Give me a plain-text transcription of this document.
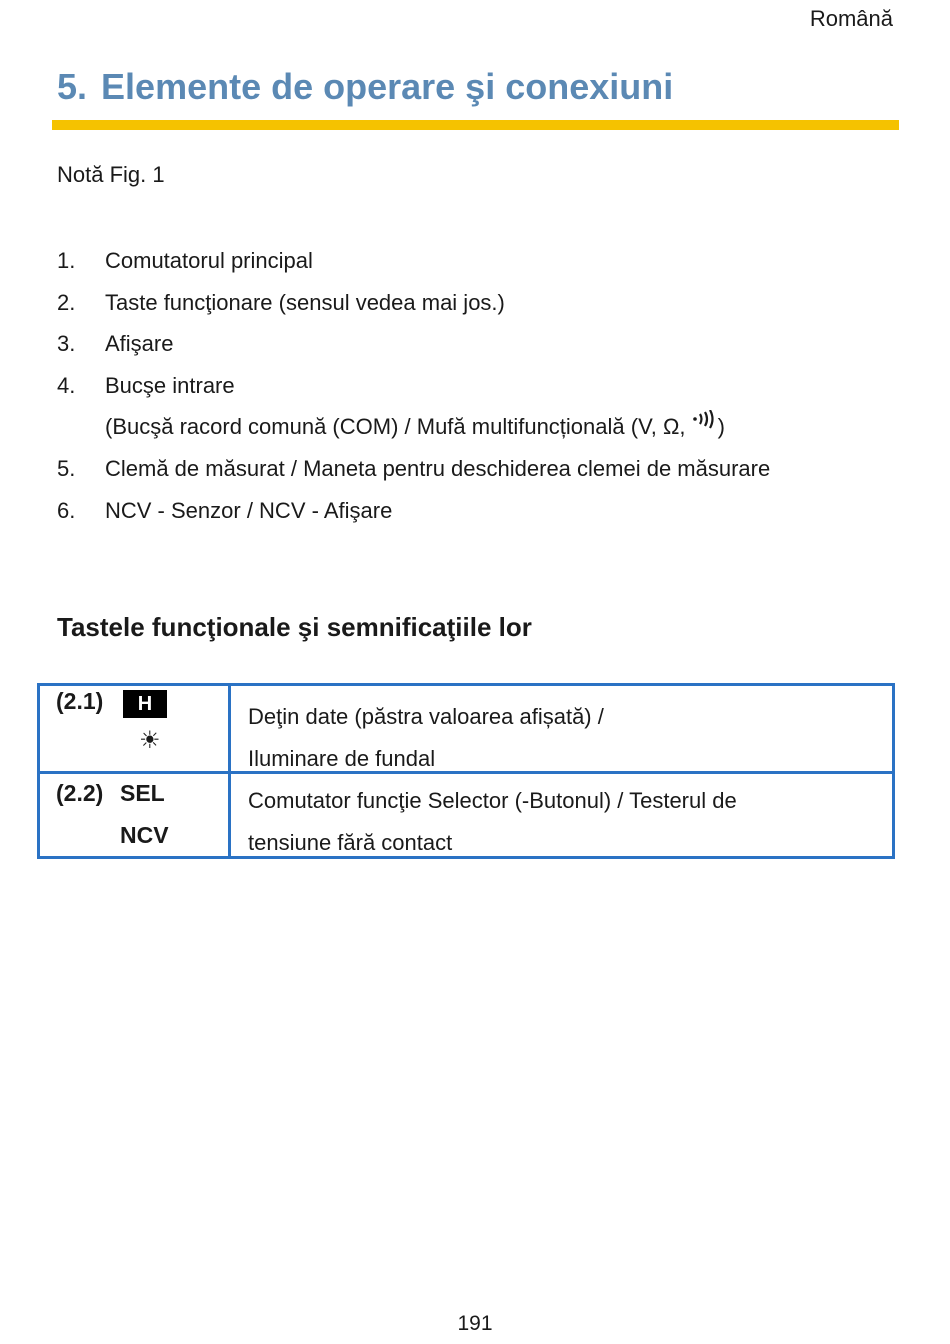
Română
5. Elemente de operare şi conexiuni
Notă Fig. 1
1. Comutatorul principal
2. Taste funcţionare (sensul vedea mai jos.)
3. Afişare
4. Bucşe intrare
(Bucşă racord comună (COM) / Mufă multifuncțională (V, Ω,
)
5. Clemă de măsurat / Maneta pentru deschiderea clemei de măsurare
6. NCV - Senzor / NCV - Afişare
Tastele funcţionale şi semnificaţiile lor
(2.1)	H
☀
Deţin date (păstra valoarea afișată) /
Iluminare de fundal
(2.2) SEL
NCV
Comutator funcţie Selector (-Butonul) / Testerul de
tensiune fără contact
191
